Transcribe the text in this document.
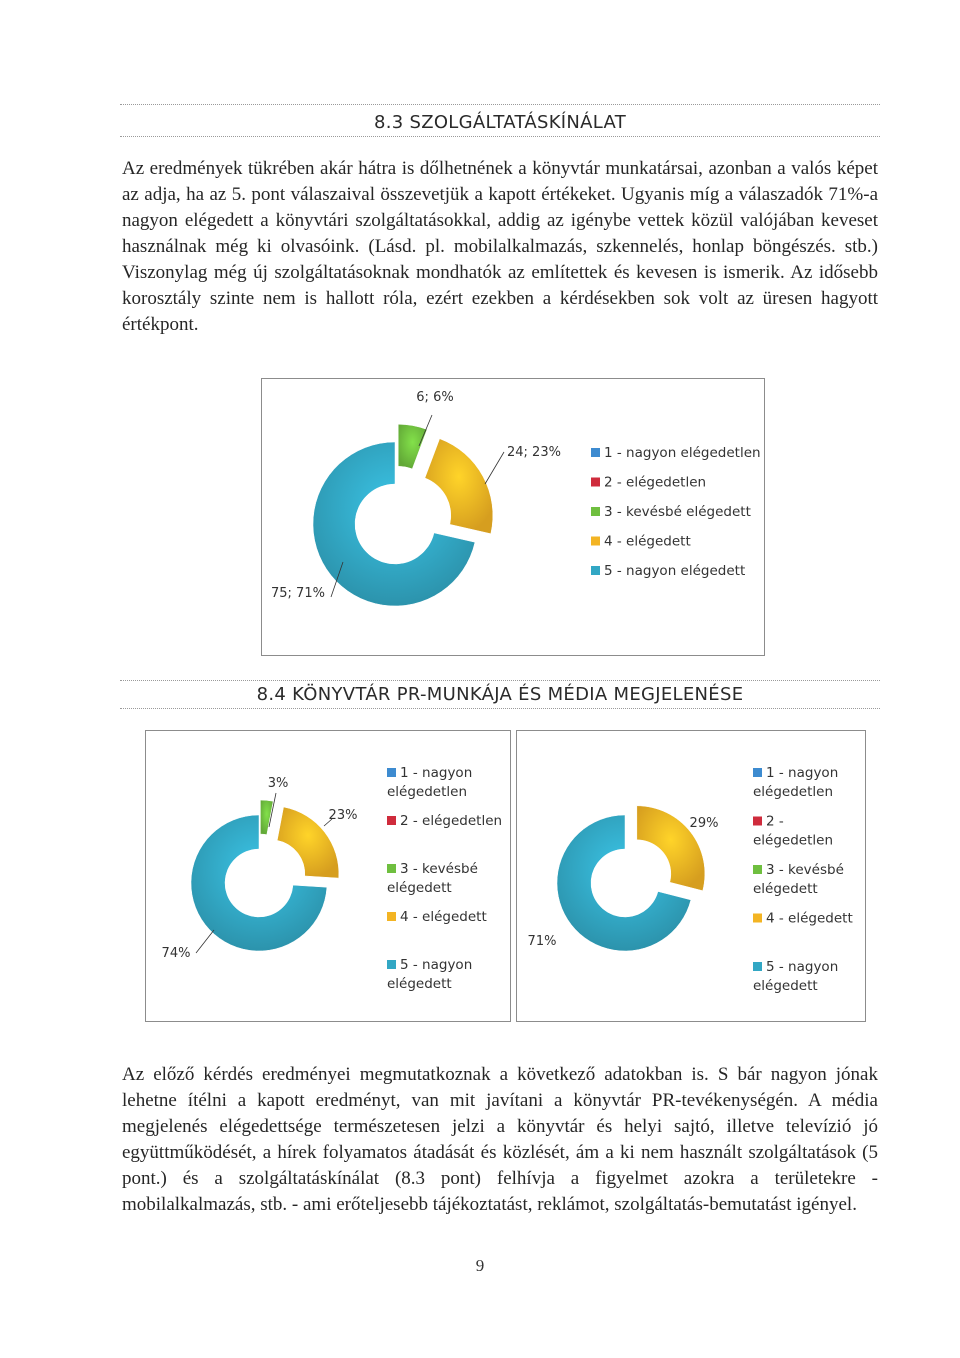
8.3 SZOLGÁLTATÁSKÍNÁLAT

Az eredmények tükrében akár hátra is dőlhetnének a könyvtár munkatársai, azonban a valós képet az adja, ha az 5. pont válaszaival összevetjük a kapott értékeket. Ugyanis míg a válaszadók 71%-a nagyon elégedett a könyvtári szolgáltatásokkal, addig az igénybe vettek közül valójában keveset használnak még ki olvasóink. (Lásd. pl. mobilalkalmazás, szkennelés, honlap böngészés. stb.) Viszonylag még új szolgáltatásoknak mondhatók az említettek és kevesen is ismerik. Az idősebb korosztály szinte nem is hallott róla, ezért ezekben a kérdésekben sok volt az üresen hagyott értékpont.

6; 6%
24; 23%
75; 71%
1 - nagyon elégedetlen
2 - elégedetlen
3 - kevésbé elégedett
4 - elégedett
5 - nagyon elégedett
8.4 KÖNYVTÁR PR-MUNKÁJA ÉS MÉDIA MEGJELENÉSE
3%
23%
74%
1 - nagyon elégedetlen
2 - elégedetlen
3 - kevésbé elégedett
4 - elégedett
5 - nagyon elégedett
29%
71%
1 - nagyon elégedetlen
2 -elégedetlen
3 - kevésbé elégedett
4 - elégedett
5 - nagyon elégedett

Az előző kérdés eredményei megmutatkoznak a következő adatokban is. S bár nagyon jónak lehetne ítélni a kapott eredményt, van mit javítani a könyvtár PR-tevékenységén. A média megjelenés elégedettsége természetesen jelzi a könyvtár és helyi sajtó, illetve televízió jó együttműködését, a hírek folyamatos átadását és közlését, ám a ki nem használt szolgáltatások (5 pont.) és a szolgáltatáskínálat (8.3 pont) felhívja a figyelmet azokra a területekre - mobilalkalmazás, stb. - ami erőteljesebb tájékoztatást, reklámot, szolgáltatás-bemutatást igényel.

9
